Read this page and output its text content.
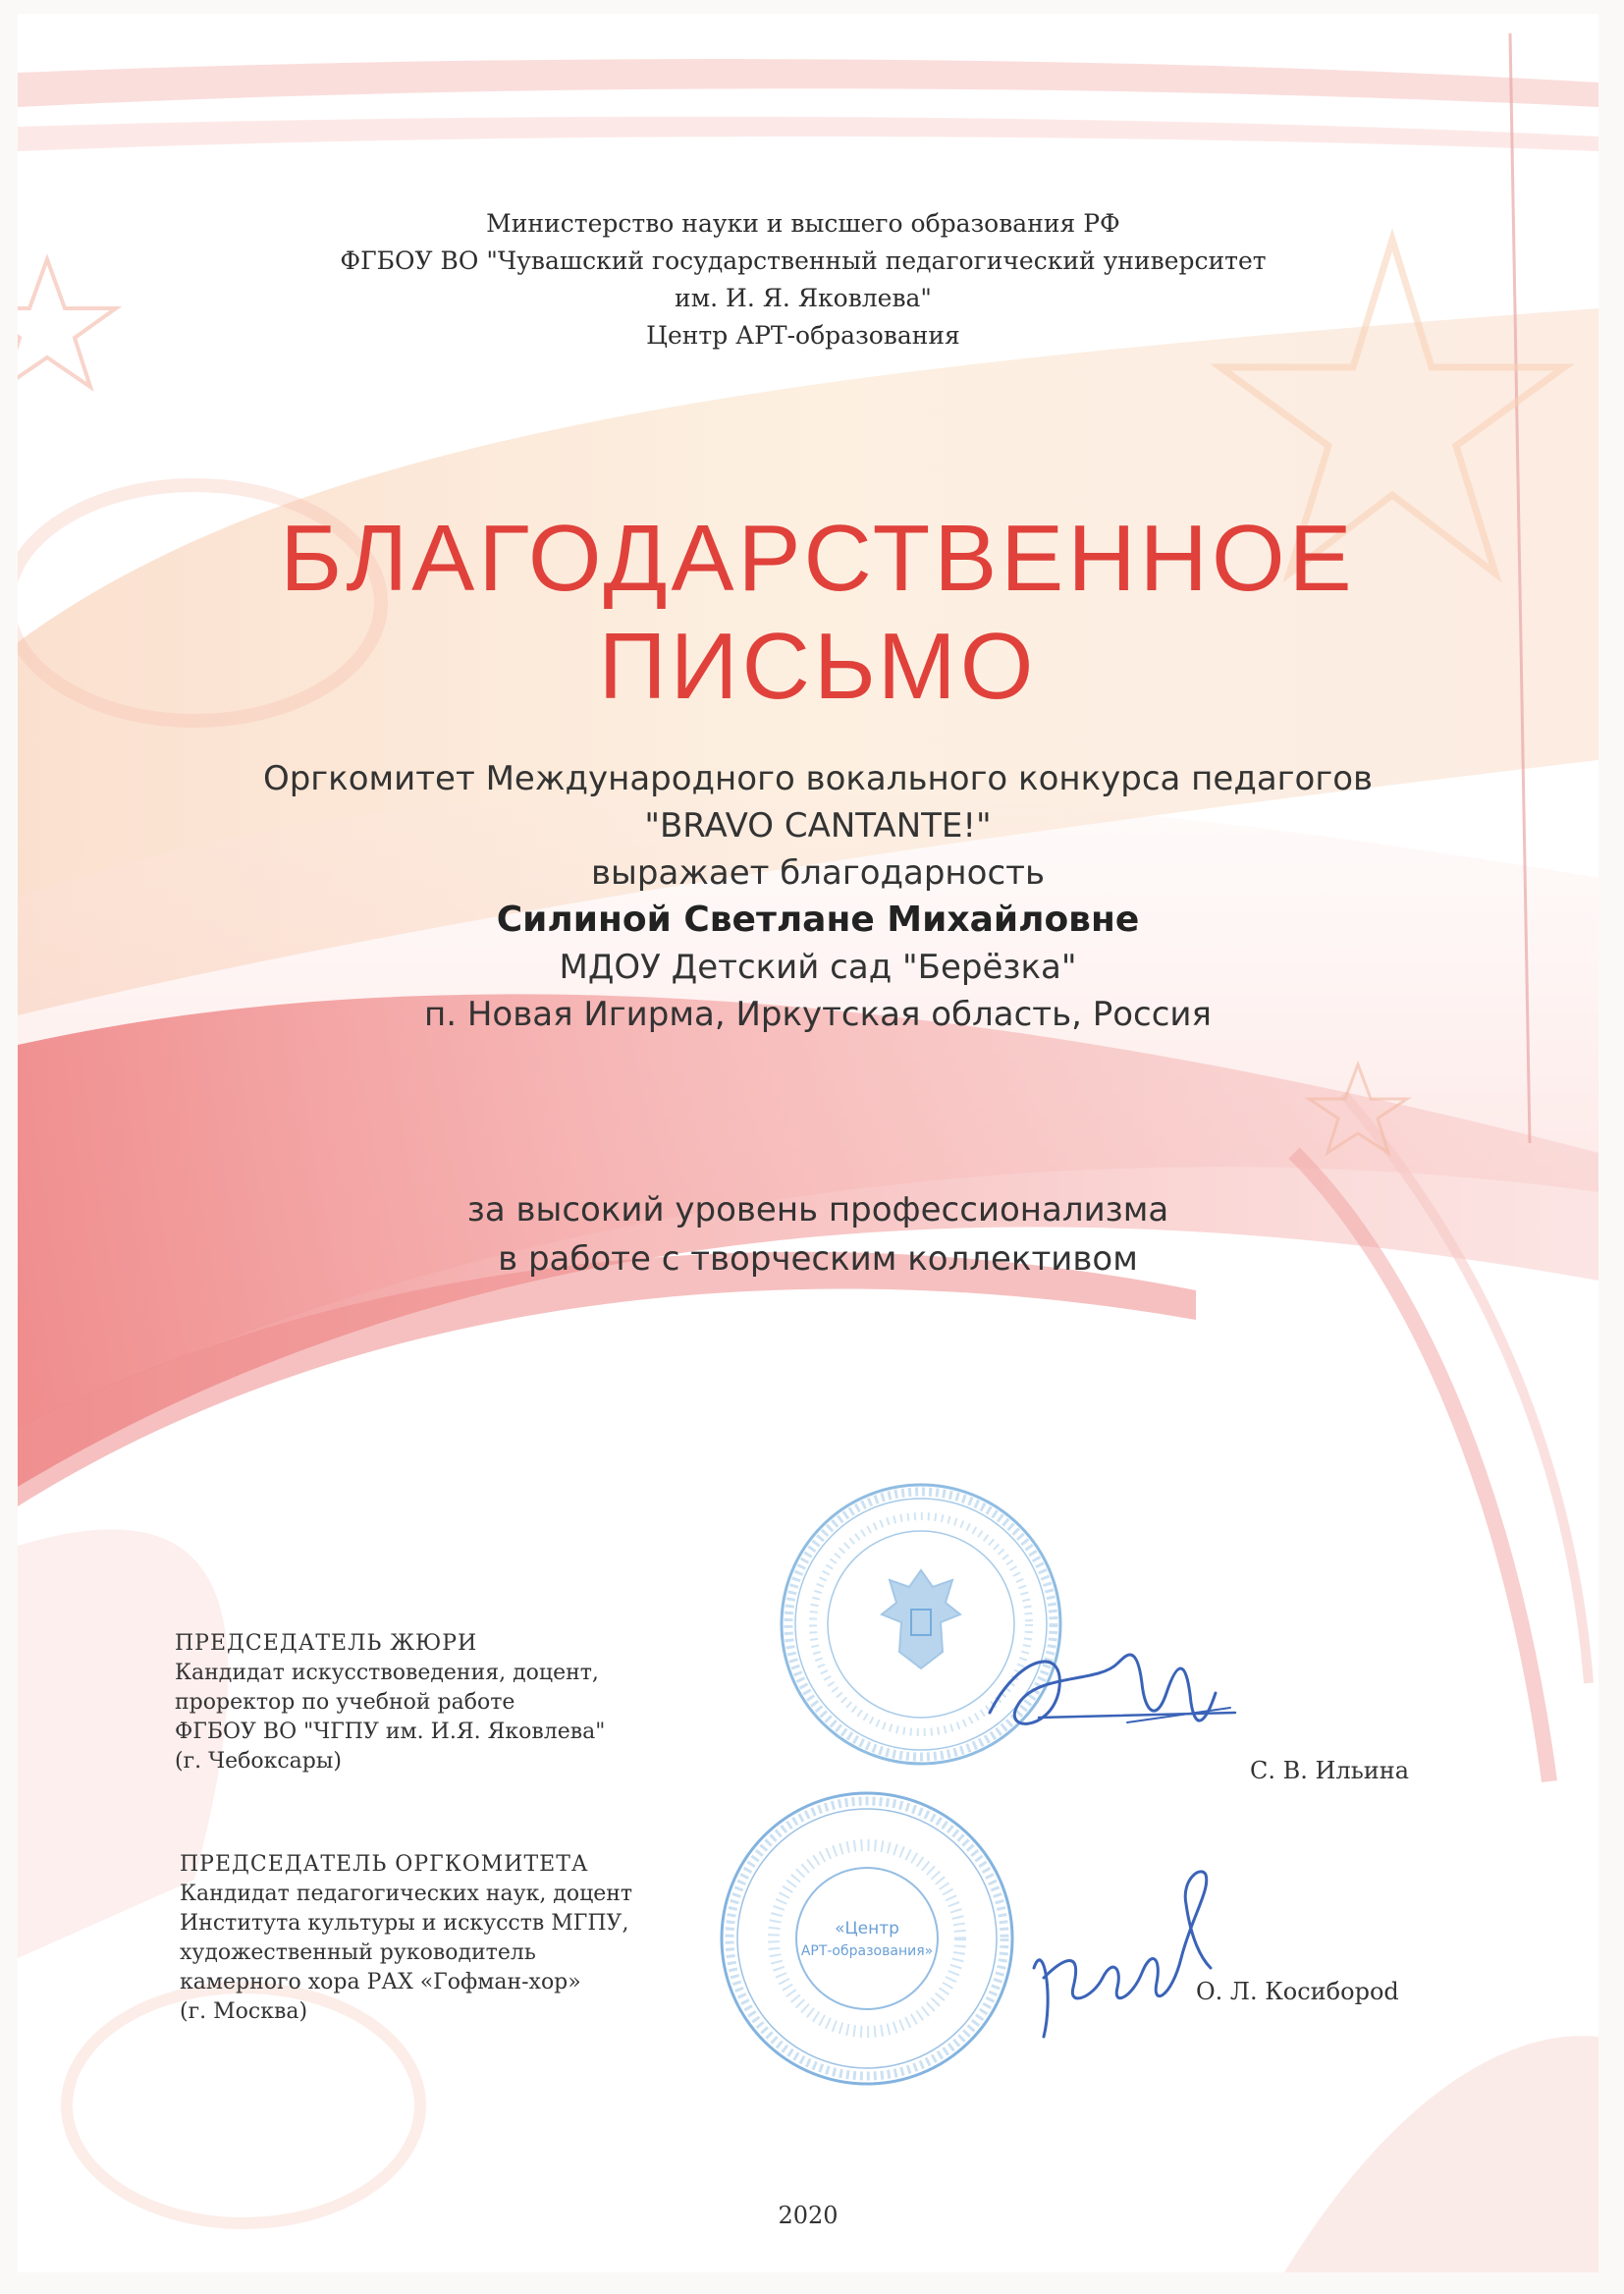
Министерство науки и высшего образования РФ
ФГБОУ ВО "Чувашский государственный педагогический университет
им. И. Я. Яковлева"
Центр АРТ-образования
БЛАГОДАРСТВЕННОЕ
ПИСЬМО
Оргкомитет Международного вокального конкурса педагогов
"BRAVO CANTANTE!"
выражает благодарность
Силиной Светлане Михайловне
МДОУ Детский сад "Берёзка"
п. Новая Игирма, Иркутская область, Россия
за высокий уровень профессионализма
в работе с творческим коллективом
«Центр
АРТ-образования»
ПРЕДСЕДАТЕЛЬ ЖЮРИ
Кандидат искусствоведения, доцент,
проректор по учебной работе
ФГБОУ ВО "ЧГПУ им. И.Я. Яковлева"
(г. Чебоксары)	С. В. Ильина
ПРЕДСЕДАТЕЛЬ ОРГКОМИТЕТА
Кандидат педагогических наук, доцент
Института культуры и искусств МГПУ,
художественный руководитель
камерного хора РАХ «Гофман-хор»
(г. Москва)
О. Л. Косиборod
2020
